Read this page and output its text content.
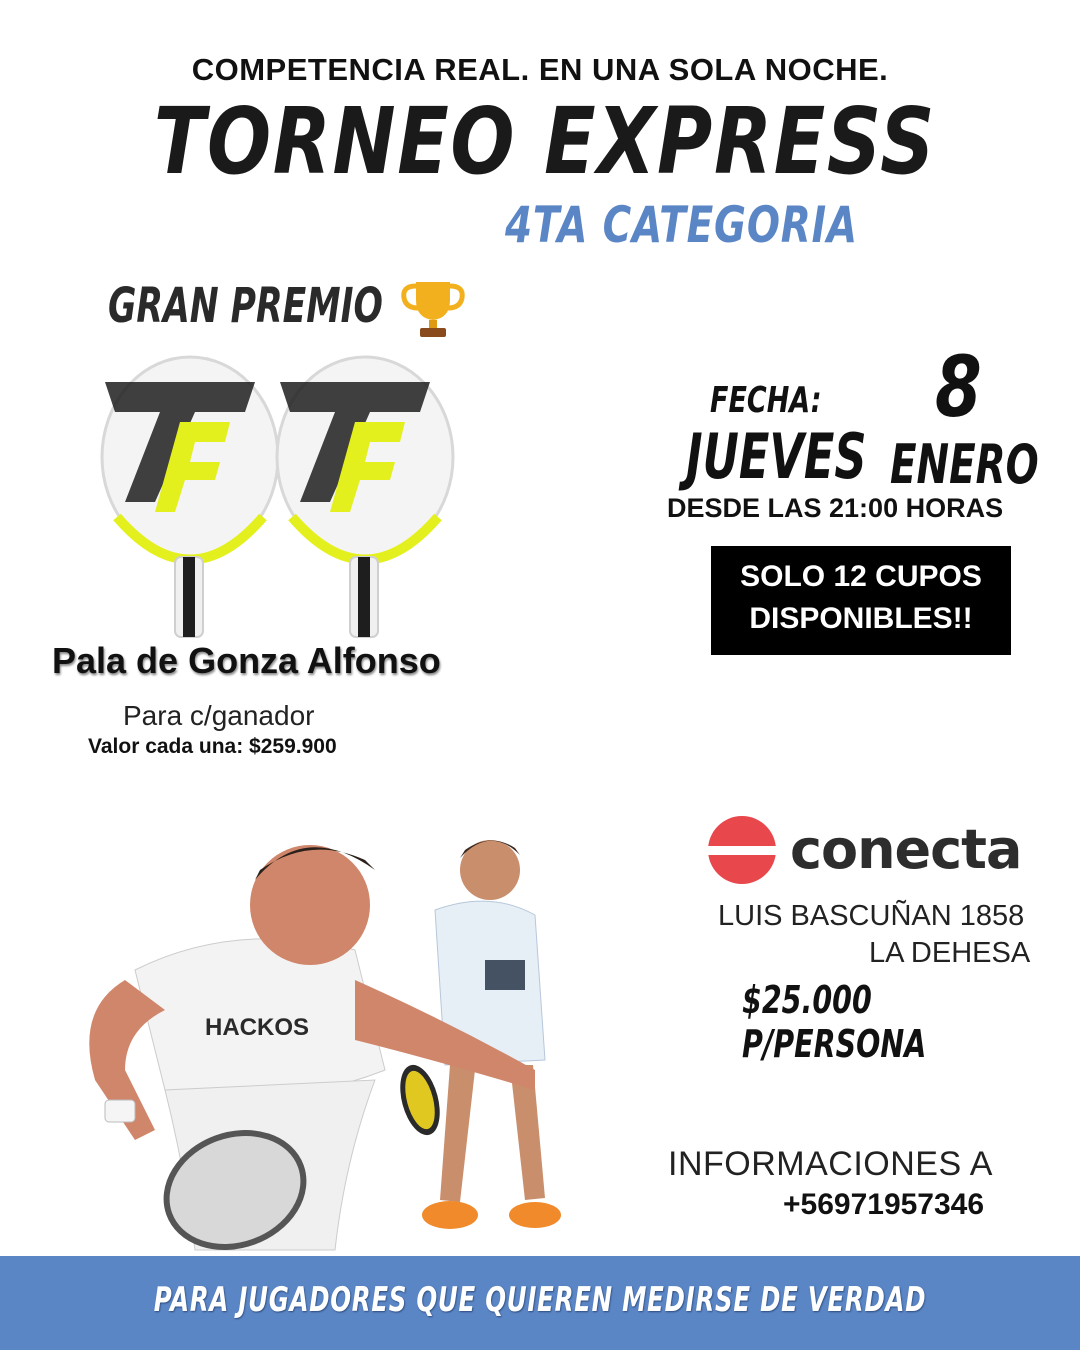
COMPETENCIA REAL. EN UNA SOLA NOCHE.
TORNEO EXPRESS
4TA CATEGORIA
GRAN PREMIO
Pala de Gonza Alfonso
Para c/ganador
Valor cada una: $259.900
FECHA: 8
JUEVES ENERO
DESDE LAS 21:00 HORAS
SOLO 12 CUPOS
DISPONIBLES!!
conecta
LUIS BASCUÑAN 1858
LA DEHESA
$25.000 P/PERSONA
HACKOS
INFORMACIONES A
+56971957346
PARA JUGADORES QUE QUIEREN MEDIRSE DE VERDAD
